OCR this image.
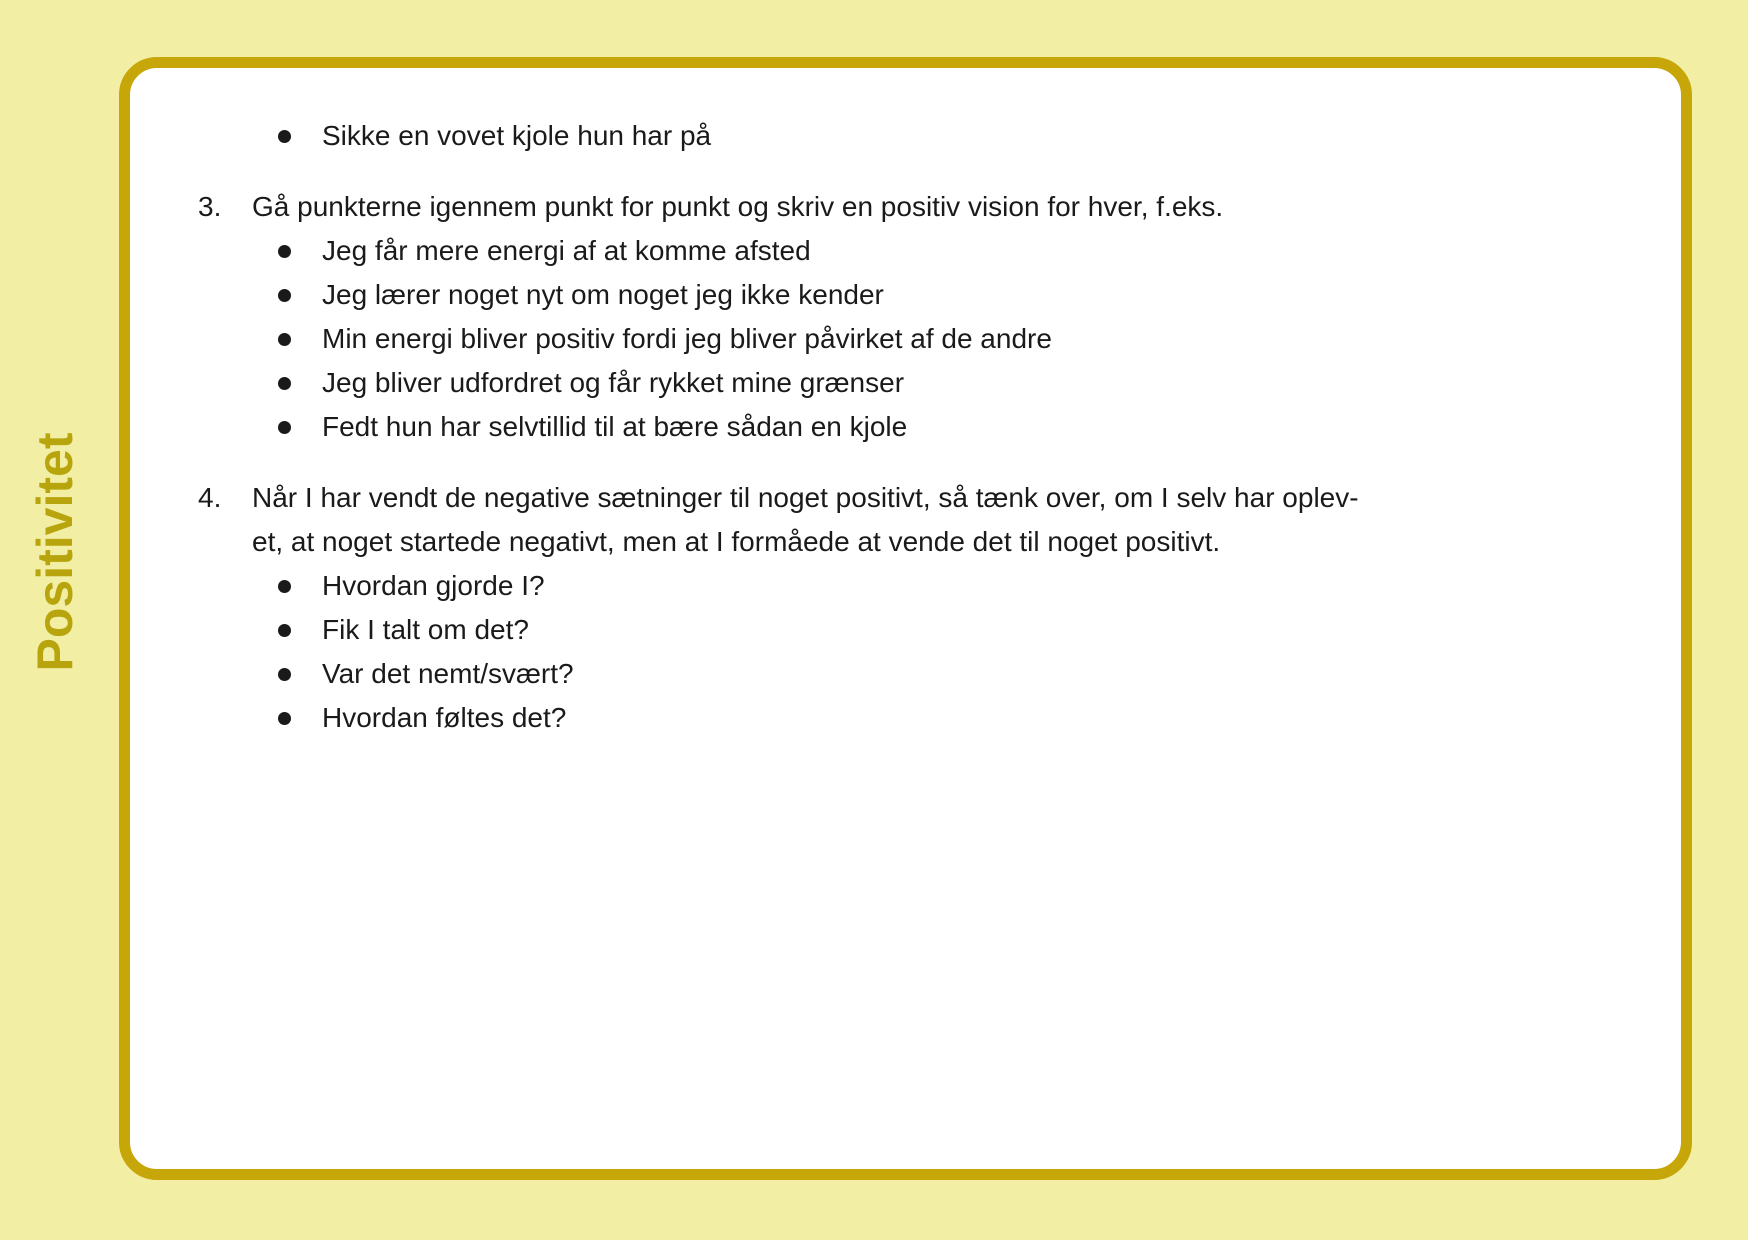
Positivitet
Sikke en vovet kjole hun har på
3.	Gå punkterne igennem punkt for punkt og skriv en positiv vision for hver, f.eks.
Jeg får mere energi af at komme afsted
Jeg lærer noget nyt om noget jeg ikke kender
Min energi bliver positiv fordi jeg bliver påvirket af de andre
Jeg bliver udfordret og får rykket mine grænser
Fedt hun har selvtillid til at bære sådan en kjole
4.	Når I har vendt de negative sætninger til noget positivt, så tænk over, om I selv har oplev-
et, at noget startede negativt, men at I formåede at vende det til noget positivt.
Hvordan gjorde I?
Fik I talt om det?
Var det nemt/svært?
Hvordan føltes det?
